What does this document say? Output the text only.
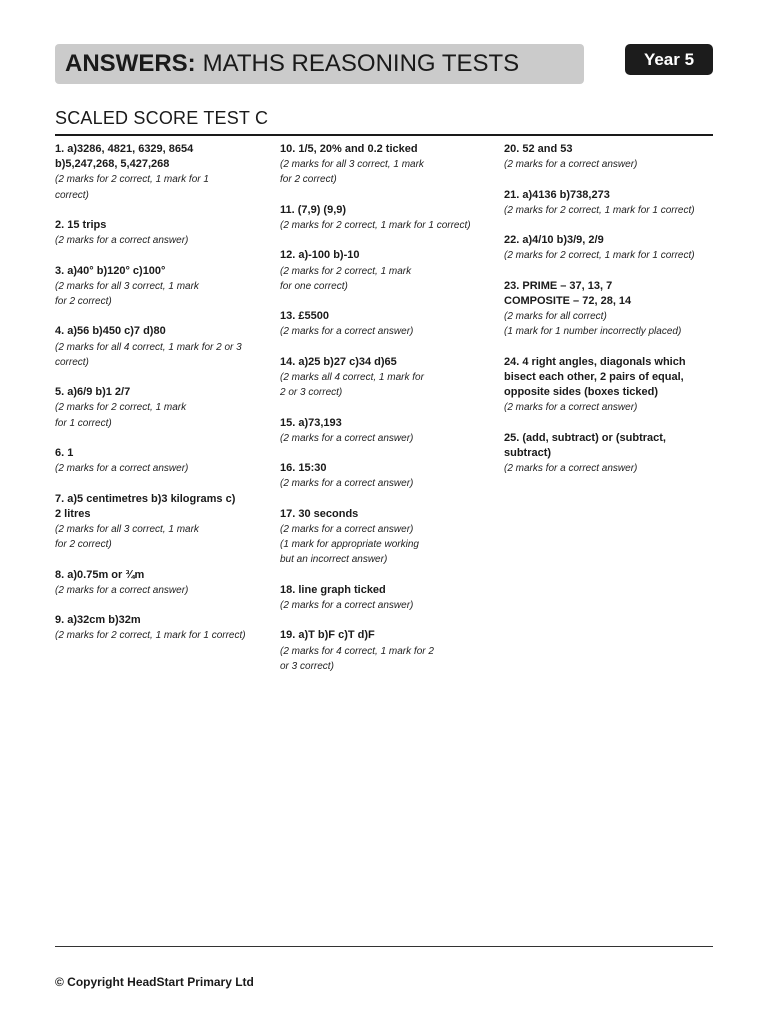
ANSWERS: MATHS REASONING TESTS	Year 5
SCALED SCORE TEST C
1. a)3286, 4821, 6329, 8654
b)5,247,268, 5,427,268
(2 marks for 2 correct, 1 mark for 1
correct)
2. 15 trips
(2 marks for a correct answer)
3. a)40° b)120° c)100°
(2 marks for all 3 correct, 1 mark
for 2 correct)
4. a)56 b)450 c)7 d)80
(2 marks for all 4 correct, 1 mark for 2 or 3
correct)
5. a)6/9 b)1 2/7
(2 marks for 2 correct, 1 mark
for 1 correct)
6. 1
(2 marks for a correct answer)
7. a)5 centimetres b)3 kilograms c)
2 litres
(2 marks for all 3 correct, 1 mark
for 2 correct)
8. a)0.75m or ¾m
(2 marks for a correct answer)
9. a)32cm b)32m
(2 marks for 2 correct, 1 mark for 1 correct)
10. 1/5, 20% and 0.2 ticked
(2 marks for all 3 correct, 1 mark
for 2 correct)
11. (7,9) (9,9)
(2 marks for 2 correct, 1 mark for 1 correct)
12. a)-100 b)-10
(2 marks for 2 correct, 1 mark
for one correct)
13. £5500
(2 marks for a correct answer)
14. a)25 b)27 c)34 d)65
(2 marks all 4 correct, 1 mark for
2 or 3 correct)
15. a)73,193
(2 marks for a correct answer)
16. 15:30
(2 marks for a correct answer)
17. 30 seconds
(2 marks for a correct answer)
(1 mark for appropriate working
but an incorrect answer)
18. line graph ticked
(2 marks for a correct answer)
19. a)T b)F c)T d)F
(2 marks for 4 correct, 1 mark for 2
or 3 correct)
20. 52 and 53
(2 marks for a correct answer)
21. a)4136 b)738,273
(2 marks for 2 correct, 1 mark for 1 correct)
22. a)4/10 b)3/9, 2/9
(2 marks for 2 correct, 1 mark for 1 correct)
23. PRIME – 37, 13, 7
COMPOSITE – 72, 28, 14
(2 marks for all correct)
(1 mark for 1 number incorrectly placed)
24. 4 right angles, diagonals which
bisect each other, 2 pairs of equal,
opposite sides (boxes ticked)
(2 marks for a correct answer)
25. (add, subtract) or (subtract,
subtract)
(2 marks for a correct answer)
© Copyright HeadStart Primary Ltd
